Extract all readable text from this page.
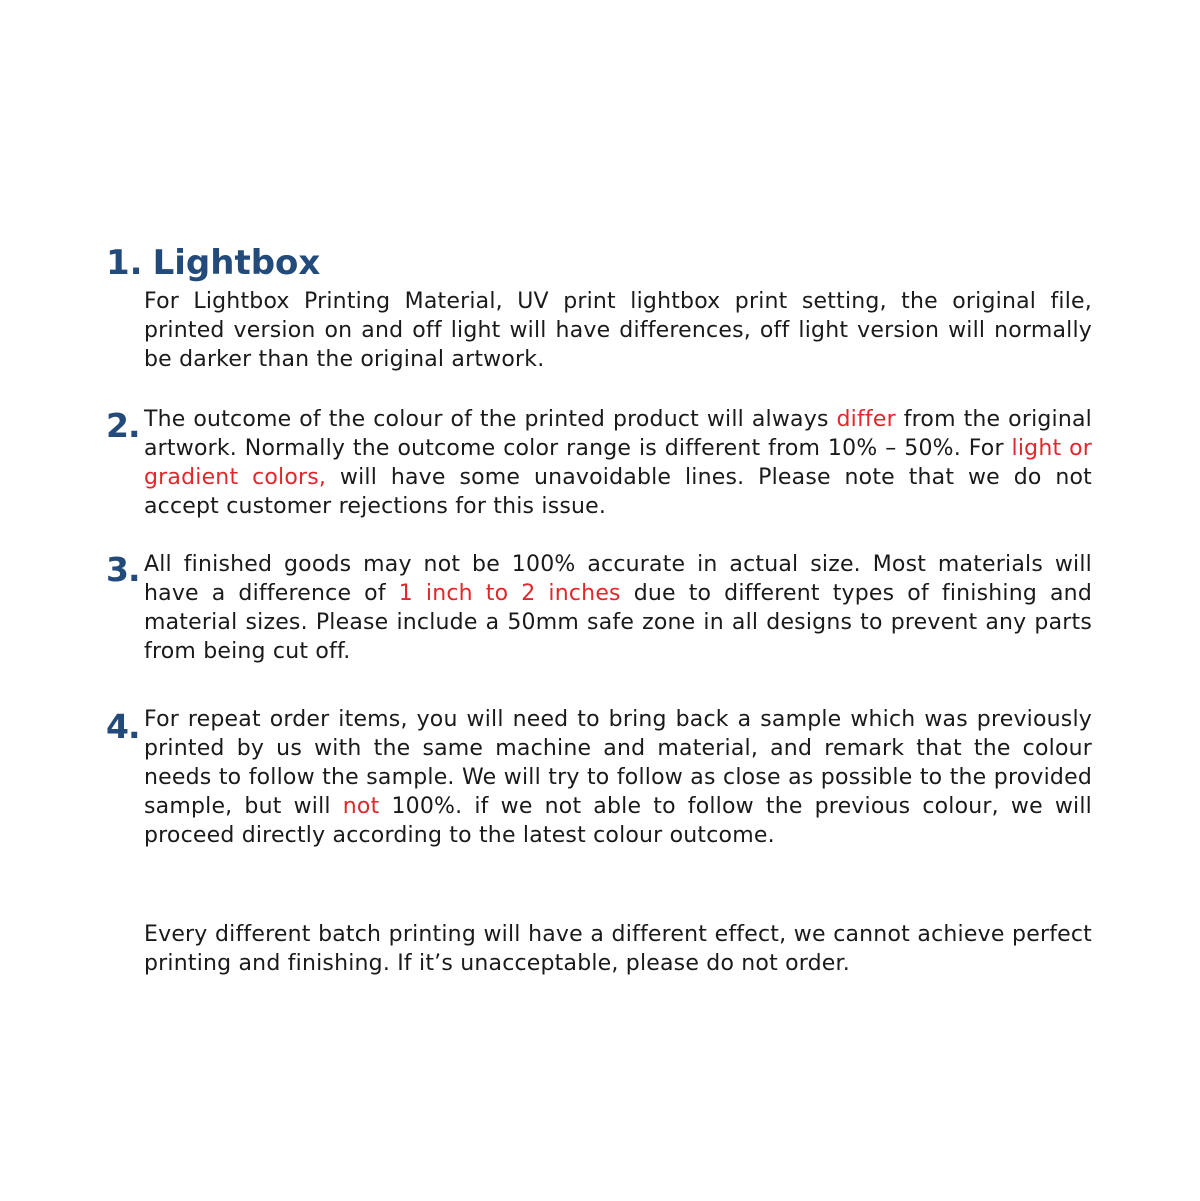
1. Lightbox

For Lightbox Printing Material, UV print lightbox print setting, the original file, printed version on and off light will have differences, off light version will normally be darker than the original artwork.

2. The outcome of the colour of the printed product will always differ from the original artwork. Normally the outcome color range is different from 10% – 50%. For light or gradient colors, will have some unavoidable lines. Please note that we do not accept customer rejections for this issue.

3. All finished goods may not be 100% accurate in actual size. Most materials will have a difference of 1 inch to 2 inches due to different types of finishing and material sizes. Please include a 50mm safe zone in all designs to prevent any parts from being cut off.

4. For repeat order items, you will need to bring back a sample which was previously printed by us with the same machine and material, and remark that the colour needs to follow the sample. We will try to follow as close as possible to the provided sample, but will not 100%. if we not able to follow the previous colour, we will proceed directly according to the latest colour outcome.

Every different batch printing will have a different effect, we cannot achieve perfect printing and finishing. If it’s unacceptable, please do not order.
